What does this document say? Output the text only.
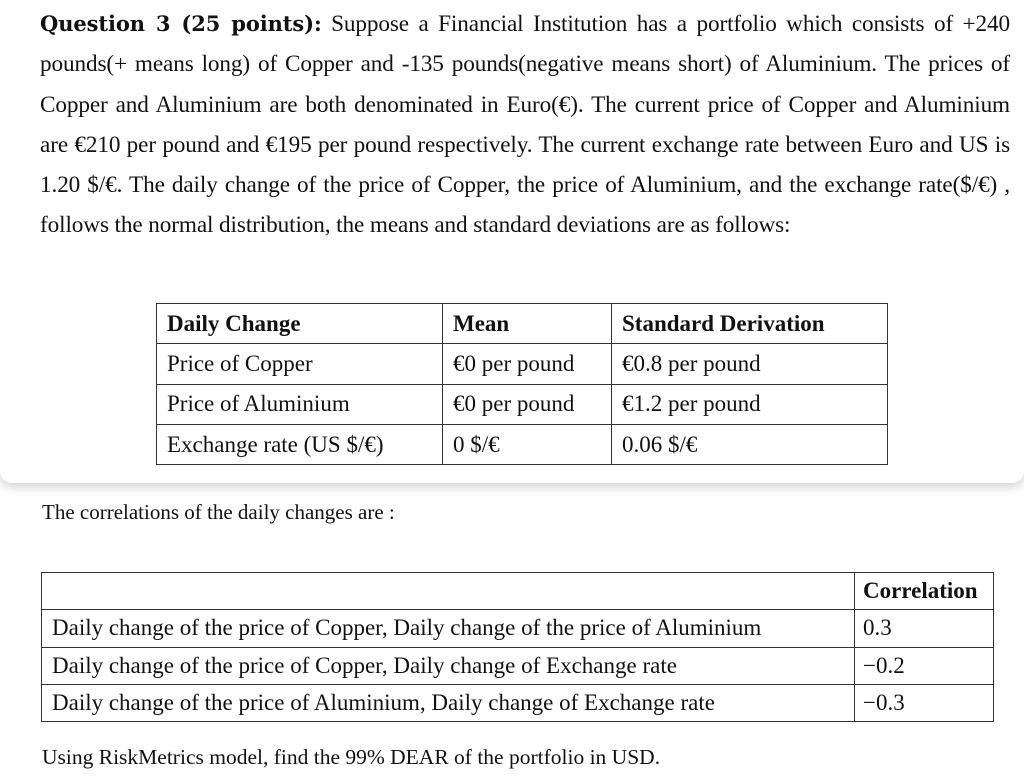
Question 3 (25 points): Suppose a Financial Institution has a portfolio which consists of +240 pounds(+ means long) of Copper and -135 pounds(negative means short) of Aluminium. The prices of Copper and Aluminium are both denominated in Euro(€). The current price of Copper and Aluminium are €210 per pound and €195 per pound respectively. The current exchange rate between Euro and US is 1.20 $/€. The daily change of the price of Copper, the price of Aluminium, and the exchange rate($/€) , follows the normal distribution, the means and standard deviations are as follows:
Daily Change	Mean	Standard Derivation
Price of Copper	€0 per pound	€0.8 per pound
Price of Aluminium	€0 per pound	€1.2 per pound
Exchange rate (US $/€)	0 $/€	0.06 $/€
The correlations of the daily changes are :
	Correlation
Daily change of the price of Copper, Daily change of the price of Aluminium	0.3
Daily change of the price of Copper, Daily change of Exchange rate	−0.2
Daily change of the price of Aluminium, Daily change of Exchange rate	−0.3
Using RiskMetrics model, find the 99% DEAR of the portfolio in USD.
